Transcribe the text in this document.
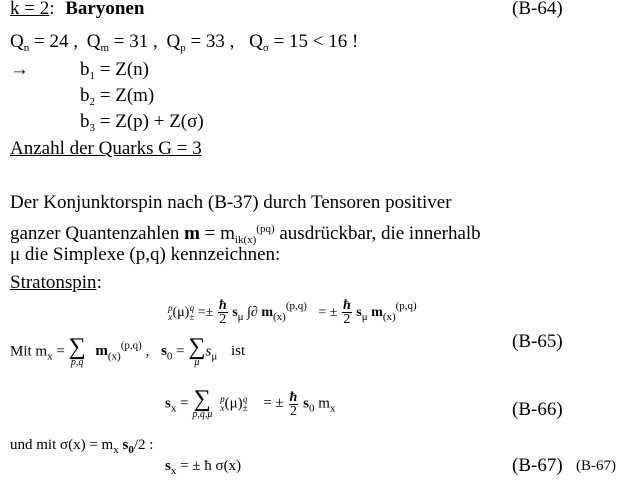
k = 2: Baryonen	(B-64)
$Q_n = 24$ , $Q_m = 31$ , $Q_p = 33$ , $Q_\sigma = 15 < 16$ !
→	$b_1 = Z(n)$
$b_2 = Z(m)$
$b_3 = Z(p) + Z(\sigma)$
Anzahl der Quarks G = 3
Der Konjunktorspin nach (B-37) durch Tensoren positiver
ganzer Quantenzahlen $m = m_{ik(x)}^{(pq)}$ ausdrückbar, die innerhalb
μ die Simplexe (p,q) kennzeichnen:
Stratonspin:
p
x (μ) q
± =± $\frac{ħ}{2} s_\mu$ ∫∂ $m_{(x)}^{(p,q)}$ = ± $\frac{ħ}{2} s_\mu$ $m_{(x)}^{(p,q)}$
Mit $m_x$ = ∑
p,q
$m_{(x)}^{(p,q)}$ , $s_0$ = ∑
μ
$s_\mu$ ist	(B-65)
$s_x$ = ∑
p,q,μ

p
x (μ) q
± = ± $\frac{ħ}{2} s_0$ $m_x$	(B-66)
und mit $\sigma(x) = m_x$ $s_0/2$ :
$s_x$ = ± ħ σ(x)	(B-67) (B-67)
